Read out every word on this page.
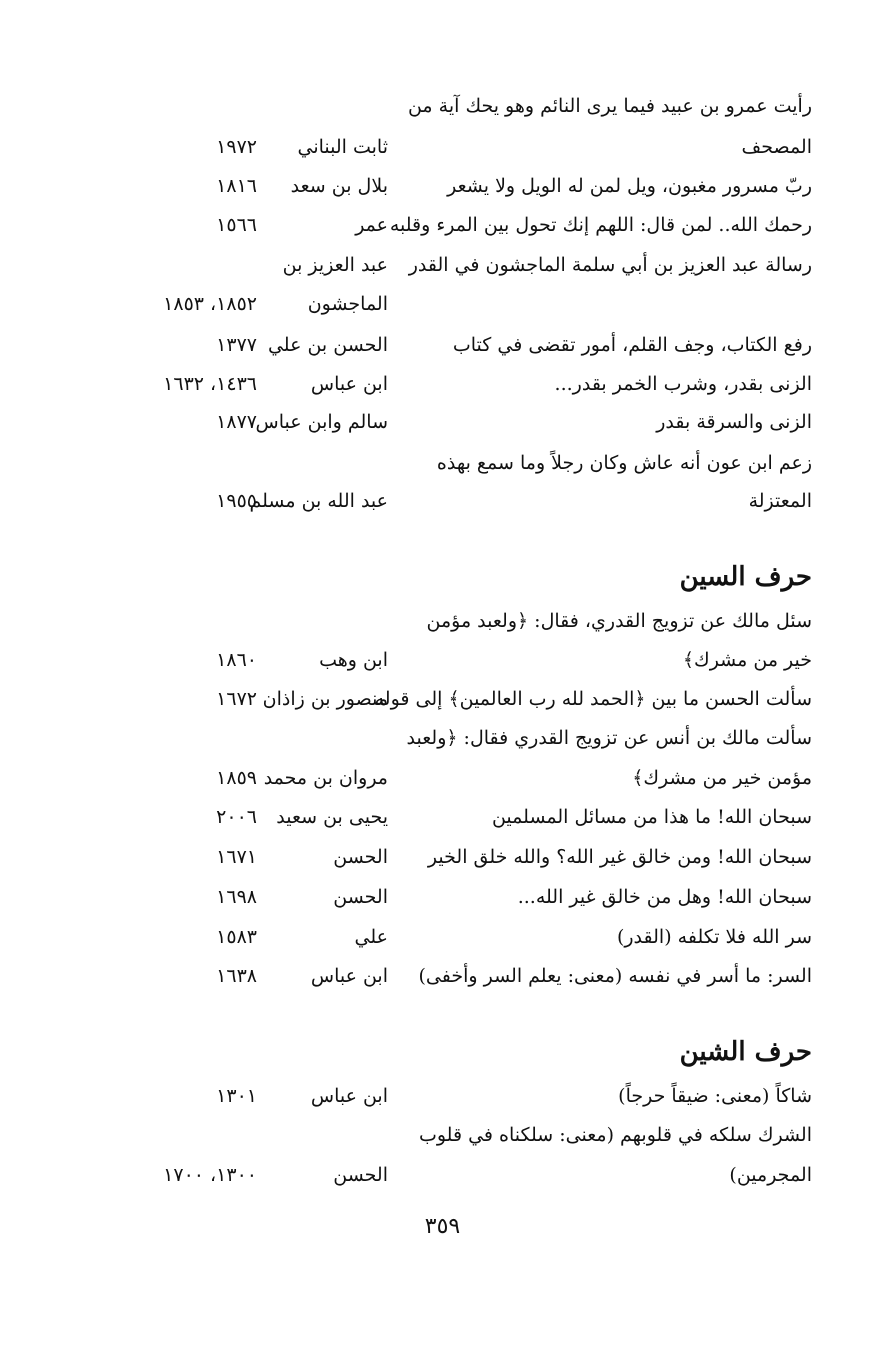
رأيت عمرو بن عبيد فيما يرى النائم وهو يحك آية من
المصحف
ثابت البناني
١٩٧٢
ربّ مسرور مغبون، ويل لمن له الويل ولا يشعر
بلال بن سعد
١٨١٦
رحمك الله.. لمن قال: اللهم إنك تحول بين المرء وقلبه
عمر
١٥٦٦
رسالة عبد العزيز بن أبي سلمة الماجشون في القدر
عبد العزيز بن
الماجشون
١٨٥٢، ١٨٥٣
رفع الكتاب، وجف القلم، أمور تقضى في كتاب
الحسن بن علي
١٣٧٧
الزنى بقدر، وشرب الخمر بقدر...
ابن عباس
١٤٣٦، ١٦٣٢
الزنى والسرقة بقدر
سالم وابن عباس
١٨٧٧
زعم ابن عون أنه عاش وكان رجلاً وما سمع بهذه
المعتزلة
عبد الله بن مسلم
١٩٥٥
حرف السين
سئل مالك عن تزويج القدري، فقال: ﴿ولعبد مؤمن
خير من مشرك﴾
ابن وهب
١٨٦٠
سألت الحسن ما بين ﴿الحمد لله رب العالمين﴾ إلى قوله
منصور بن زاذان
١٦٧٢
سألت مالك بن أنس عن تزويج القدري فقال: ﴿ولعبد
مؤمن خير من مشرك﴾
مروان بن محمد
١٨٥٩
سبحان الله! ما هذا من مسائل المسلمين
يحيى بن سعيد
٢٠٠٦
سبحان الله! ومن خالق غير الله؟ والله خلق الخير
الحسن
١٦٧١
سبحان الله! وهل من خالق غير الله...
الحسن
١٦٩٨
سر الله فلا تكلفه (القدر)
علي
١٥٨٣
السر: ما أسر في نفسه (معنى: يعلم السر وأخفى)
ابن عباس
١٦٣٨
حرف الشين
شاكاً (معنى: ضيقاً حرجاً)
ابن عباس
١٣٠١
الشرك سلكه في قلوبهم (معنى: سلكناه في قلوب
المجرمين)
الحسن
١٣٠٠، ١٧٠٠
٣٥٩
